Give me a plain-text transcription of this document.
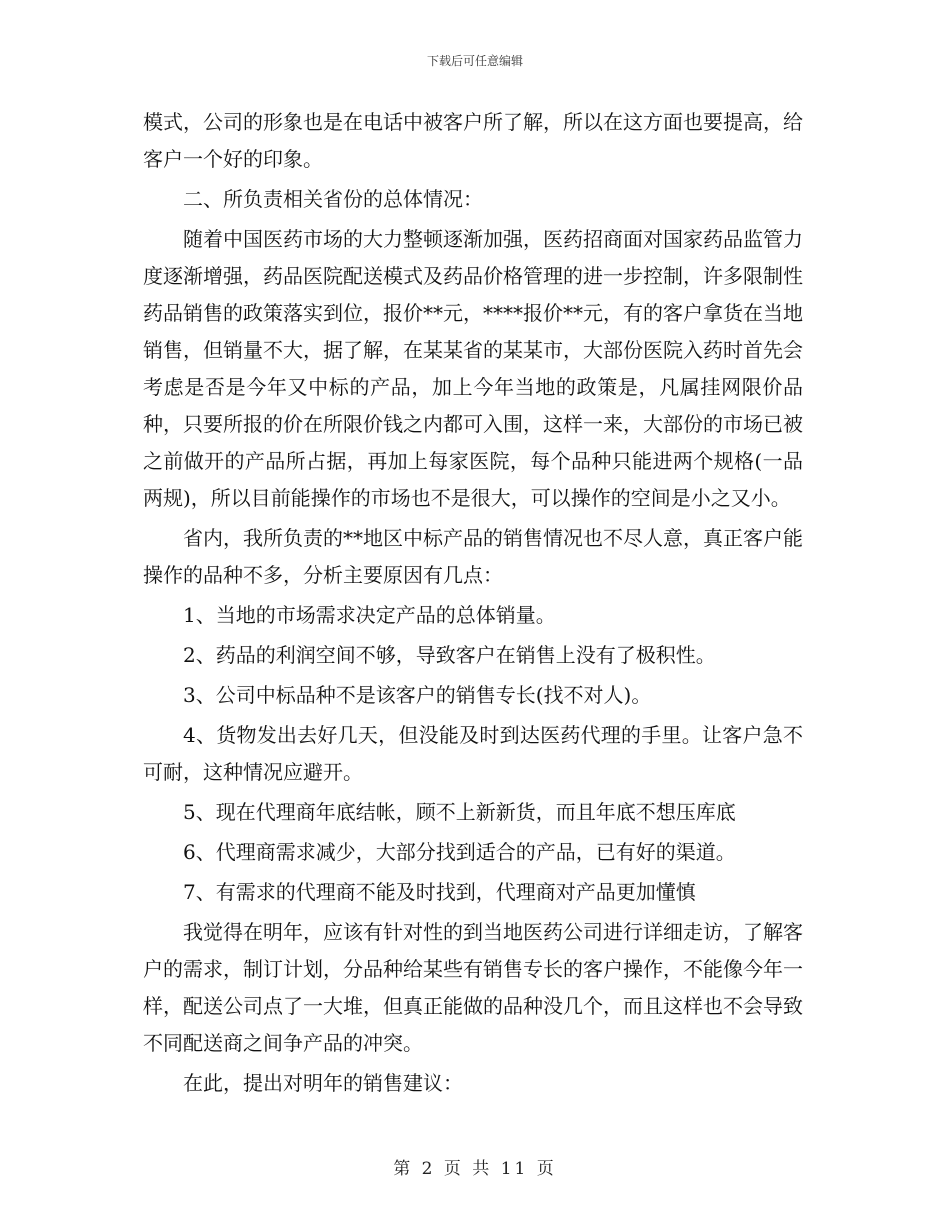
下载后可任意编辑

模式，公司的形象也是在电话中被客户所了解，所以在这方面也要提高，给客户一个好的印象。

二、所负责相关省份的总体情况：

随着中国医药市场的大力整顿逐渐加强，医药招商面对国家药品监管力度逐渐增强，药品医院配送模式及药品价格管理的进一步控制，许多限制性药品销售的政策落实到位，报价**元，****报价**元，有的客户拿货在当地销售，但销量不大，据了解，在某某省的某某市，大部份医院入药时首先会考虑是否是今年又中标的产品，加上今年当地的政策是，凡属挂网限价品种，只要所报的价在所限价钱之内都可入围，这样一来，大部份的市场已被之前做开的产品所占据，再加上每家医院，每个品种只能进两个规格(一品两规)，所以目前能操作的市场也不是很大，可以操作的空间是小之又小。

省内，我所负责的**地区中标产品的销售情况也不尽人意，真正客户能操作的品种不多，分析主要原因有几点：

1、当地的市场需求决定产品的总体销量。

2、药品的利润空间不够，导致客户在销售上没有了极积性。

3、公司中标品种不是该客户的销售专长(找不对人)。

4、货物发出去好几天，但没能及时到达医药代理的手里。让客户急不可耐，这种情况应避开。

5、现在代理商年底结帐，顾不上新新货，而且年底不想压库底

6、代理商需求减少，大部分找到适合的产品，已有好的渠道。

7、有需求的代理商不能及时找到，代理商对产品更加懂慎

我觉得在明年，应该有针对性的到当地医药公司进行详细走访，了解客户的需求，制订计划，分品种给某些有销售专长的客户操作，不能像今年一样，配送公司点了一大堆，但真正能做的品种没几个，而且这样也不会导致不同配送商之间争产品的冲突。

在此，提出对明年的销售建议：

第 2 页 共 11 页
